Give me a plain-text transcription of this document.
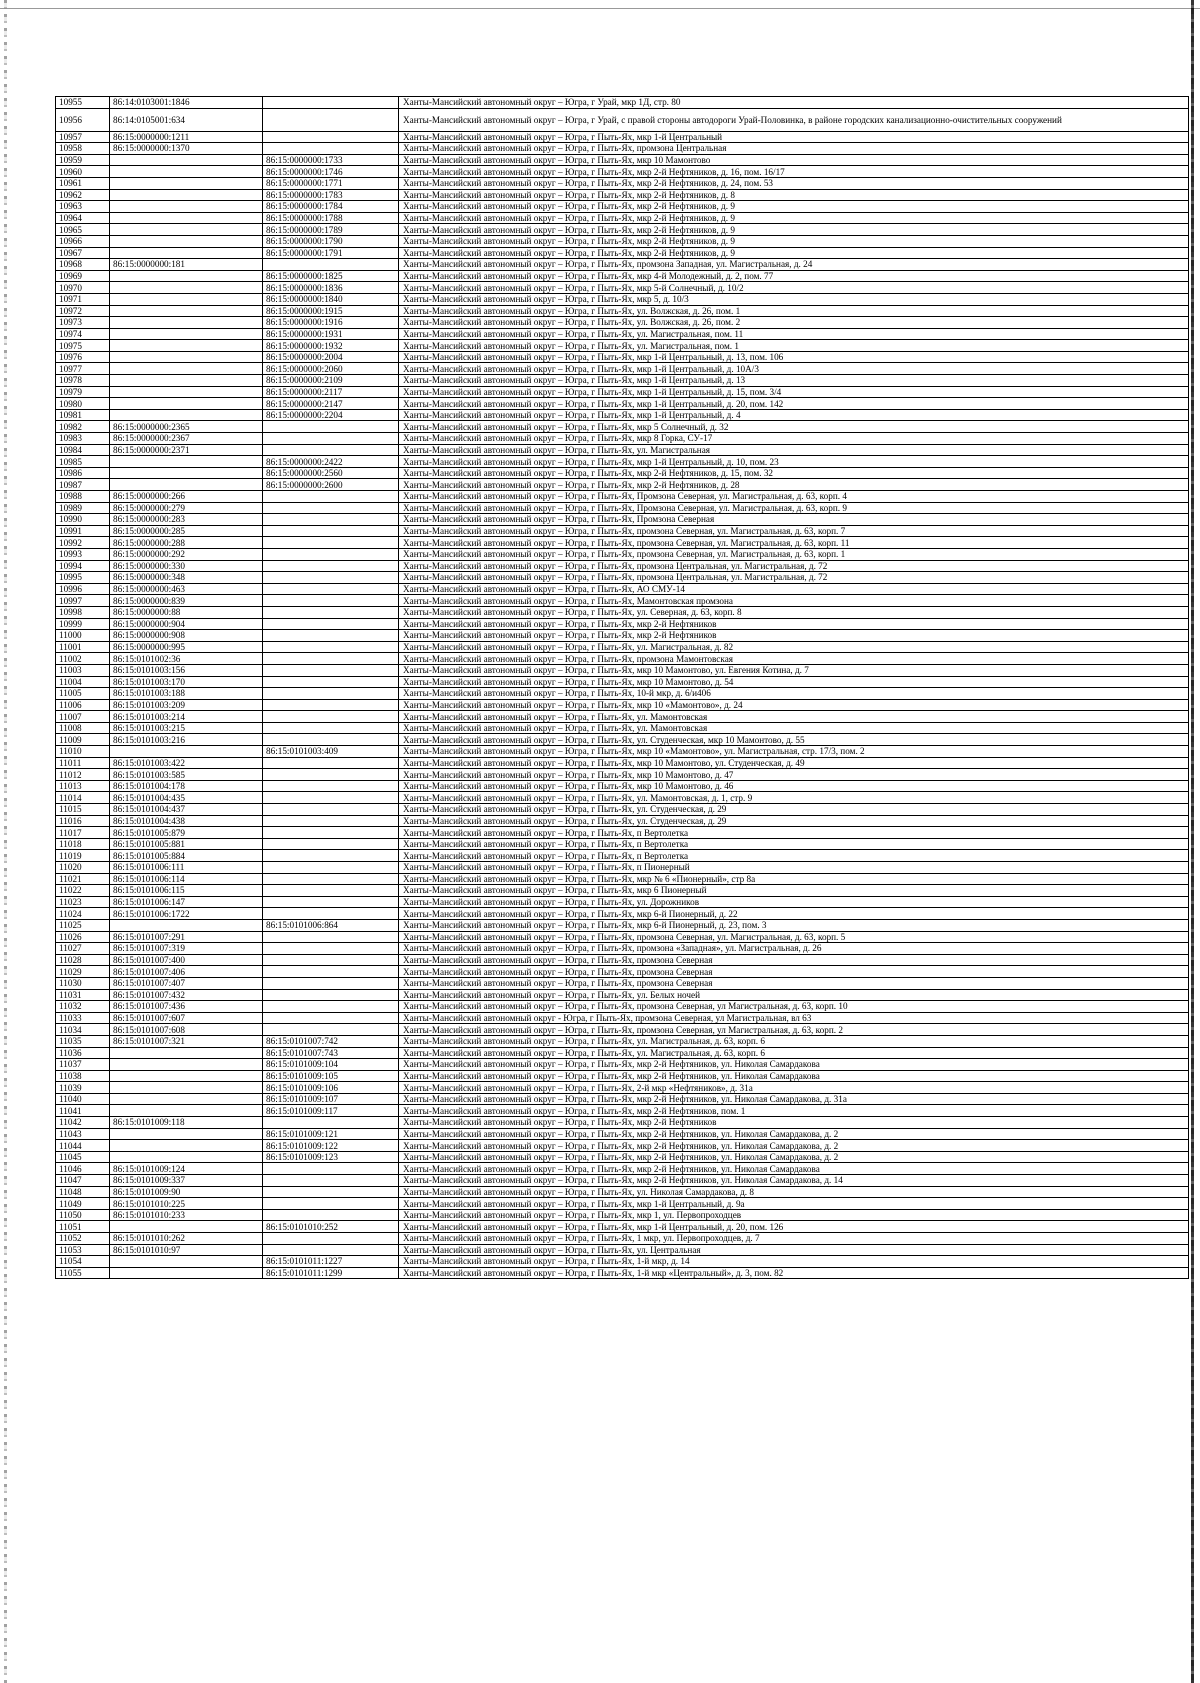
10955	86:14:0103001:1846		Ханты-Мансийский автономный округ – Югра, г Урай, мкр 1Д, стр. 80
10956	86:14:0105001:634		Ханты-Мансийский автономный округ – Югра, г Урай, с правой стороны автодороги Урай-Половинка, в районе городских канализационно-очистительных сооружений
10957	86:15:0000000:1211		Ханты-Мансийский автономный округ – Югра, г Пыть-Ях, мкр 1-й Центральный
10958	86:15:0000000:1370		Ханты-Мансийский автономный округ – Югра, г Пыть-Ях, промзона Центральная
10959		86:15:0000000:1733	Ханты-Мансийский автономный округ – Югра, г Пыть-Ях, мкр 10 Мамонтово
10960		86:15:0000000:1746	Ханты-Мансийский автономный округ – Югра, г Пыть-Ях, мкр 2-й Нефтяников, д. 16, пом. 16/17
10961		86:15:0000000:1771	Ханты-Мансийский автономный округ – Югра, г Пыть-Ях, мкр 2-й Нефтяников, д. 24, пом. 53
10962		86:15:0000000:1783	Ханты-Мансийский автономный округ – Югра, г Пыть-Ях, мкр 2-й Нефтяников, д. 8
10963		86:15:0000000:1784	Ханты-Мансийский автономный округ – Югра, г Пыть-Ях, мкр 2-й Нефтяников, д. 9
10964		86:15:0000000:1788	Ханты-Мансийский автономный округ – Югра, г Пыть-Ях, мкр 2-й Нефтяников, д. 9
10965		86:15:0000000:1789	Ханты-Мансийский автономный округ – Югра, г Пыть-Ях, мкр 2-й Нефтяников, д. 9
10966		86:15:0000000:1790	Ханты-Мансийский автономный округ – Югра, г Пыть-Ях, мкр 2-й Нефтяников, д. 9
10967		86:15:0000000:1791	Ханты-Мансийский автономный округ – Югра, г Пыть-Ях, мкр 2-й Нефтяников, д. 9
10968	86:15:0000000:181		Ханты-Мансийский автономный округ – Югра, г Пыть-Ях, промзона Западная, ул. Магистральная, д. 24
10969		86:15:0000000:1825	Ханты-Мансийский автономный округ – Югра, г Пыть-Ях, мкр 4-й Молодежный, д. 2, пом. 77
10970		86:15:0000000:1836	Ханты-Мансийский автономный округ – Югра, г Пыть-Ях, мкр 5-й Солнечный, д. 10/2
10971		86:15:0000000:1840	Ханты-Мансийский автономный округ – Югра, г Пыть-Ях, мкр 5, д. 10/3
10972		86:15:0000000:1915	Ханты-Мансийский автономный округ – Югра, г Пыть-Ях, ул. Волжская, д. 26, пом. 1
10973		86:15:0000000:1916	Ханты-Мансийский автономный округ – Югра, г Пыть-Ях, ул. Волжская, д. 26, пом. 2
10974		86:15:0000000:1931	Ханты-Мансийский автономный округ – Югра, г Пыть-Ях, ул. Магистральная, пом. 11
10975		86:15:0000000:1932	Ханты-Мансийский автономный округ – Югра, г Пыть-Ях, ул. Магистральная, пом. 1
10976		86:15:0000000:2004	Ханты-Мансийский автономный округ – Югра, г Пыть-Ях, мкр 1-й Центральный, д. 13, пом. 106
10977		86:15:0000000:2060	Ханты-Мансийский автономный округ – Югра, г Пыть-Ях, мкр 1-й Центральный, д. 10А/3
10978		86:15:0000000:2109	Ханты-Мансийский автономный округ – Югра, г Пыть-Ях, мкр 1-й Центральный, д. 13
10979		86:15:0000000:2117	Ханты-Мансийский автономный округ – Югра, г Пыть-Ях, мкр 1-й Центральный, д. 15, пом. 3/4
10980		86:15:0000000:2147	Ханты-Мансийский автономный округ – Югра, г Пыть-Ях, мкр 1-й Центральный, д. 20, пом. 142
10981		86:15:0000000:2204	Ханты-Мансийский автономный округ – Югра, г Пыть-Ях, мкр 1-й Центральный, д. 4
10982	86:15:0000000:2365		Ханты-Мансийский автономный округ – Югра, г Пыть-Ях, мкр 5 Солнечный, д. 32
10983	86:15:0000000:2367		Ханты-Мансийский автономный округ – Югра, г Пыть-Ях, мкр 8 Горка, СУ-17
10984	86:15:0000000:2371		Ханты-Мансийский автономный округ – Югра, г Пыть-Ях, ул. Магистральная
10985		86:15:0000000:2422	Ханты-Мансийский автономный округ – Югра, г Пыть-Ях, мкр 1-й Центральный, д. 10, пом. 23
10986		86:15:0000000:2560	Ханты-Мансийский автономный округ – Югра, г Пыть-Ях, мкр 2-й Нефтяников, д. 15, пом. 32
10987		86:15:0000000:2600	Ханты-Мансийский автономный округ – Югра, г Пыть-Ях, мкр 2-й Нефтяников, д. 28
10988	86:15:0000000:266		Ханты-Мансийский автономный округ – Югра, г Пыть-Ях, Промзона Северная, ул. Магистральная, д. 63, корп. 4
10989	86:15:0000000:279		Ханты-Мансийский автономный округ – Югра, г Пыть-Ях, Промзона Северная, ул. Магистральная, д. 63, корп. 9
10990	86:15:0000000:283		Ханты-Мансийский автономный округ – Югра, г Пыть-Ях, Промзона Северная
10991	86:15:0000000:285		Ханты-Мансийский автономный округ – Югра, г Пыть-Ях, промзона Северная, ул. Магистральная, д. 63, корп. 7
10992	86:15:0000000:288		Ханты-Мансийский автономный округ – Югра, г Пыть-Ях, промзона Северная, ул. Магистральная, д. 63, корп. 11
10993	86:15:0000000:292		Ханты-Мансийский автономный округ – Югра, г Пыть-Ях, промзона Северная, ул. Магистральная, д. 63, корп. 1
10994	86:15:0000000:330		Ханты-Мансийский автономный округ – Югра, г Пыть-Ях, промзона Центральная, ул. Магистральная, д. 72
10995	86:15:0000000:348		Ханты-Мансийский автономный округ – Югра, г Пыть-Ях, промзона Центральная, ул. Магистральная, д. 72
10996	86:15:0000000:463		Ханты-Мансийский автономный округ – Югра, г Пыть-Ях, АО СМУ-14
10997	86:15:0000000:839		Ханты-Мансийский автономный округ – Югра, г Пыть-Ях, Мамонтовская промзона
10998	86:15:0000000:88		Ханты-Мансийский автономный округ – Югра, г Пыть-Ях, ул. Северная, д. 63, корп. 8
10999	86:15:0000000:904		Ханты-Мансийский автономный округ – Югра, г Пыть-Ях, мкр 2-й Нефтяников
11000	86:15:0000000:908		Ханты-Мансийский автономный округ – Югра, г Пыть-Ях, мкр 2-й Нефтяников
11001	86:15:0000000:995		Ханты-Мансийский автономный округ – Югра, г Пыть-Ях, ул. Магистральная, д. 82
11002	86:15:0101002:36		Ханты-Мансийский автономный округ – Югра, г Пыть-Ях, промзона Мамонтовская
11003	86:15:0101003:156		Ханты-Мансийский автономный округ – Югра, г Пыть-Ях, мкр 10 Мамонтово, ул. Евгения Котина, д. 7
11004	86:15:0101003:170		Ханты-Мансийский автономный округ – Югра, г Пыть-Ях, мкр 10 Мамонтово, д. 54
11005	86:15:0101003:188		Ханты-Мансийский автономный округ – Югра, г Пыть-Ях, 10-й мкр, д. 6/и406
11006	86:15:0101003:209		Ханты-Мансийский автономный округ – Югра, г Пыть-Ях, мкр 10 «Мамонтово», д. 24
11007	86:15:0101003:214		Ханты-Мансийский автономный округ – Югра, г Пыть-Ях, ул. Мамонтовская
11008	86:15:0101003:215		Ханты-Мансийский автономный округ – Югра, г Пыть-Ях, ул. Мамонтовская
11009	86:15:0101003:216		Ханты-Мансийский автономный округ – Югра, г Пыть-Ях, ул. Студенческая, мкр 10 Мамонтово, д. 55
11010		86:15:0101003:409	Ханты-Мансийский автономный округ – Югра, г Пыть-Ях, мкр 10 «Мамонтово», ул. Магистральная, стр. 17/3, пом. 2
11011	86:15:0101003:422		Ханты-Мансийский автономный округ – Югра, г Пыть-Ях, мкр 10 Мамонтово, ул. Студенческая, д. 49
11012	86:15:0101003:585		Ханты-Мансийский автономный округ – Югра, г Пыть-Ях, мкр 10 Мамонтово, д. 47
11013	86:15:0101004:178		Ханты-Мансийский автономный округ – Югра, г Пыть-Ях, мкр 10 Мамонтово, д. 46
11014	86:15:0101004:435		Ханты-Мансийский автономный округ – Югра, г Пыть-Ях, ул. Мамонтовская, д. 1, стр. 9
11015	86:15:0101004:437		Ханты-Мансийский автономный округ – Югра, г Пыть-Ях, ул. Студенческая, д. 29
11016	86:15:0101004:438		Ханты-Мансийский автономный округ – Югра, г Пыть-Ях, ул. Студенческая, д. 29
11017	86:15:0101005:879		Ханты-Мансийский автономный округ – Югра, г Пыть-Ях, п Вертолетка
11018	86:15:0101005:881		Ханты-Мансийский автономный округ – Югра, г Пыть-Ях, п Вертолетка
11019	86:15:0101005:884		Ханты-Мансийский автономный округ – Югра, г Пыть-Ях, п Вертолетка
11020	86:15:0101006:111		Ханты-Мансийский автономный округ – Югра, г Пыть-Ях, п Пионерный
11021	86:15:0101006:114		Ханты-Мансийский автономный округ – Югра, г Пыть-Ях, мкр № 6 «Пионерный», стр 8а
11022	86:15:0101006:115		Ханты-Мансийский автономный округ – Югра, г Пыть-Ях, мкр 6 Пионерный
11023	86:15:0101006:147		Ханты-Мансийский автономный округ – Югра, г Пыть-Ях, ул. Дорожников
11024	86:15:0101006:1722		Ханты-Мансийский автономный округ – Югра, г Пыть-Ях, мкр 6-й Пионерный, д. 22
11025		86:15:0101006:864	Ханты-Мансийский автономный округ – Югра, г Пыть-Ях, мкр 6-й Пионерный, д. 23, пом. 3
11026	86:15:0101007:291		Ханты-Мансийский автономный округ – Югра, г Пыть-Ях, промзона Северная, ул. Магистральная, д. 63, корп. 5
11027	86:15:0101007:319		Ханты-Мансийский автономный округ – Югра, г Пыть-Ях, промзона «Западная», ул. Магистральная, д. 26
11028	86:15:0101007:400		Ханты-Мансийский автономный округ – Югра, г Пыть-Ях, промзона Северная
11029	86:15:0101007:406		Ханты-Мансийский автономный округ – Югра, г Пыть-Ях, промзона Северная
11030	86:15:0101007:407		Ханты-Мансийский автономный округ – Югра, г Пыть-Ях, промзона Северная
11031	86:15:0101007:432		Ханты-Мансийский автономный округ – Югра, г Пыть-Ях, ул. Белых ночей
11032	86:15:0101007:436		Ханты-Мансийский автономный округ – Югра, г Пыть-Ях, промзона Северная, ул Магистральная, д. 63, корп. 10
11033	86:15:0101007:607		Ханты-Мансийский автономный округ - Югра, г Пыть-Ях, промзона Северная, ул Магистральная, вл 63
11034	86:15:0101007:608		Ханты-Мансийский автономный округ – Югра, г Пыть-Ях, промзона Северная, ул Магистральная, д. 63, корп. 2
11035	86:15:0101007:321	86:15:0101007:742	Ханты-Мансийский автономный округ – Югра, г Пыть-Ях, ул. Магистральная, д. 63, корп. 6
11036		86:15:0101007:743	Ханты-Мансийский автономный округ – Югра, г Пыть-Ях, ул. Магистральная, д. 63, корп. 6
11037		86:15:0101009:104	Ханты-Мансийский автономный округ – Югра, г Пыть-Ях, мкр 2-й Нефтяников, ул. Николая Самардакова
11038		86:15:0101009:105	Ханты-Мансийский автономный округ – Югра, г Пыть-Ях, мкр 2-й Нефтяников, ул. Николая Самардакова
11039		86:15:0101009:106	Ханты-Мансийский автономный округ – Югра, г Пыть-Ях, 2-й мкр «Нефтяников», д. 31а
11040		86:15:0101009:107	Ханты-Мансийский автономный округ – Югра, г Пыть-Ях, мкр 2-й Нефтяников, ул. Николая Самардакова, д. 31а
11041		86:15:0101009:117	Ханты-Мансийский автономный округ – Югра, г Пыть-Ях, мкр 2-й Нефтяников, пом. 1
11042	86:15:0101009:118		Ханты-Мансийский автономный округ – Югра, г Пыть-Ях, мкр 2-й Нефтяников
11043		86:15:0101009:121	Ханты-Мансийский автономный округ – Югра, г Пыть-Ях, мкр 2-й Нефтяников, ул. Николая Самардакова, д. 2
11044		86:15:0101009:122	Ханты-Мансийский автономный округ – Югра, г Пыть-Ях, мкр 2-й Нефтяников, ул. Николая Самардакова, д. 2
11045		86:15:0101009:123	Ханты-Мансийский автономный округ – Югра, г Пыть-Ях, мкр 2-й Нефтяников, ул. Николая Самардакова, д. 2
11046	86:15:0101009:124		Ханты-Мансийский автономный округ – Югра, г Пыть-Ях, мкр 2-й Нефтяников, ул. Николая Самардакова
11047	86:15:0101009:337		Ханты-Мансийский автономный округ – Югра, г Пыть-Ях, мкр 2-й Нефтяников, ул. Николая Самардакова, д. 14
11048	86:15:0101009:90		Ханты-Мансийский автономный округ – Югра, г Пыть-Ях, ул. Николая Самардакова, д. 8
11049	86:15:0101010:225		Ханты-Мансийский автономный округ – Югра, г Пыть-Ях, мкр 1-й Центральный, д. 9а
11050	86:15:0101010:233		Ханты-Мансийский автономный округ – Югра, г Пыть-Ях, мкр 1, ул. Первопроходцев
11051		86:15:0101010:252	Ханты-Мансийский автономный округ – Югра, г Пыть-Ях, мкр 1-й Центральный, д. 20, пом. 126
11052	86:15:0101010:262		Ханты-Мансийский автономный округ – Югра, г Пыть-Ях, 1 мкр, ул. Первопроходцев, д. 7
11053	86:15:0101010:97		Ханты-Мансийский автономный округ – Югра, г Пыть-Ях, ул. Центральная
11054		86:15:0101011:1227	Ханты-Мансийский автономный округ – Югра, г Пыть-Ях, 1-й мкр, д. 14
11055		86:15:0101011:1299	Ханты-Мансийский автономный округ – Югра, г Пыть-Ях, 1-й мкр «Центральный», д. 3, пом. 82
